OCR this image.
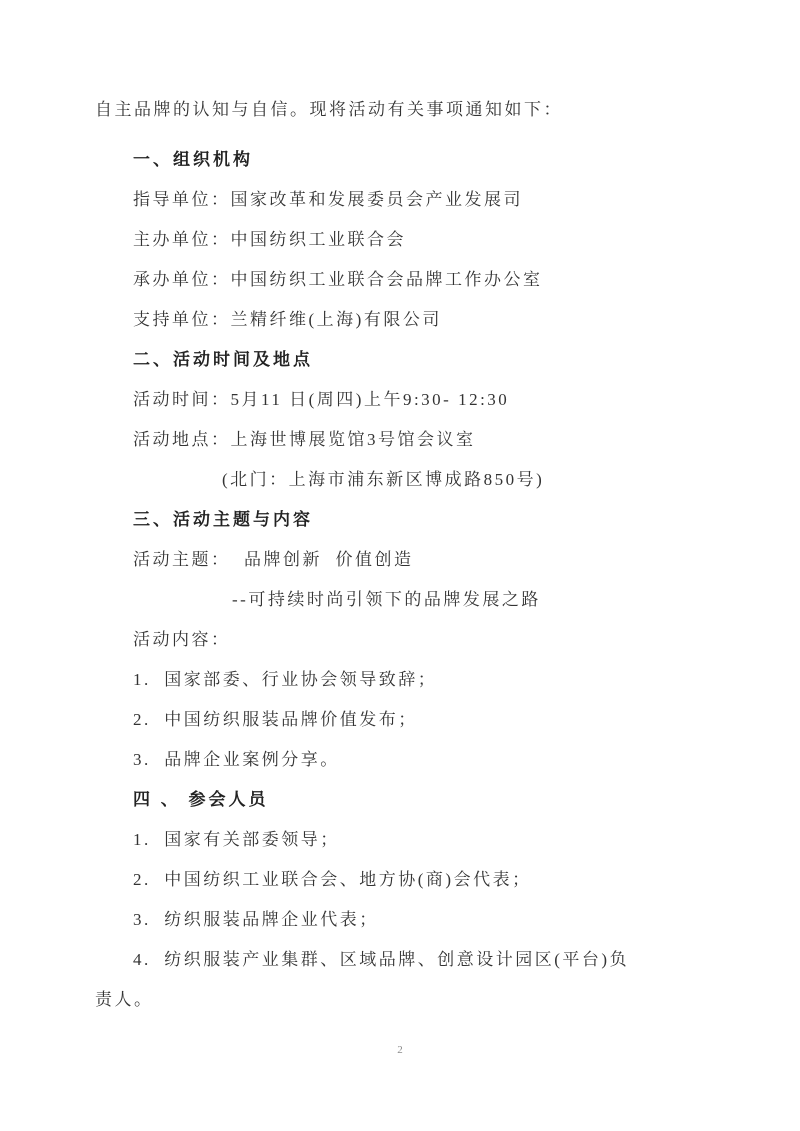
自主品牌的认知与自信。现将活动有关事项通知如下：

一、组织机构

指导单位：国家改革和发展委员会产业发展司

主办单位：中国纺织工业联合会

承办单位：中国纺织工业联合会品牌工作办公室

支持单位：兰精纤维(上海)有限公司

二、活动时间及地点

活动时间：5月11 日(周四)上午9:30- 12:30

活动地点：上海世博展览馆3号馆会议室

(北门：上海市浦东新区博成路850号)

三、活动主题与内容

活动主题：  品牌创新  价值创造

--可持续时尚引领下的品牌发展之路

活动内容：

1.  国家部委、行业协会领导致辞；

2.  中国纺织服装品牌价值发布；

3.  品牌企业案例分享。

四 、 参会人员

1.  国家有关部委领导；

2.  中国纺织工业联合会、地方协(商)会代表；

3.  纺织服装品牌企业代表；

4.  纺织服装产业集群、区域品牌、创意设计园区(平台)负

责人。

2
